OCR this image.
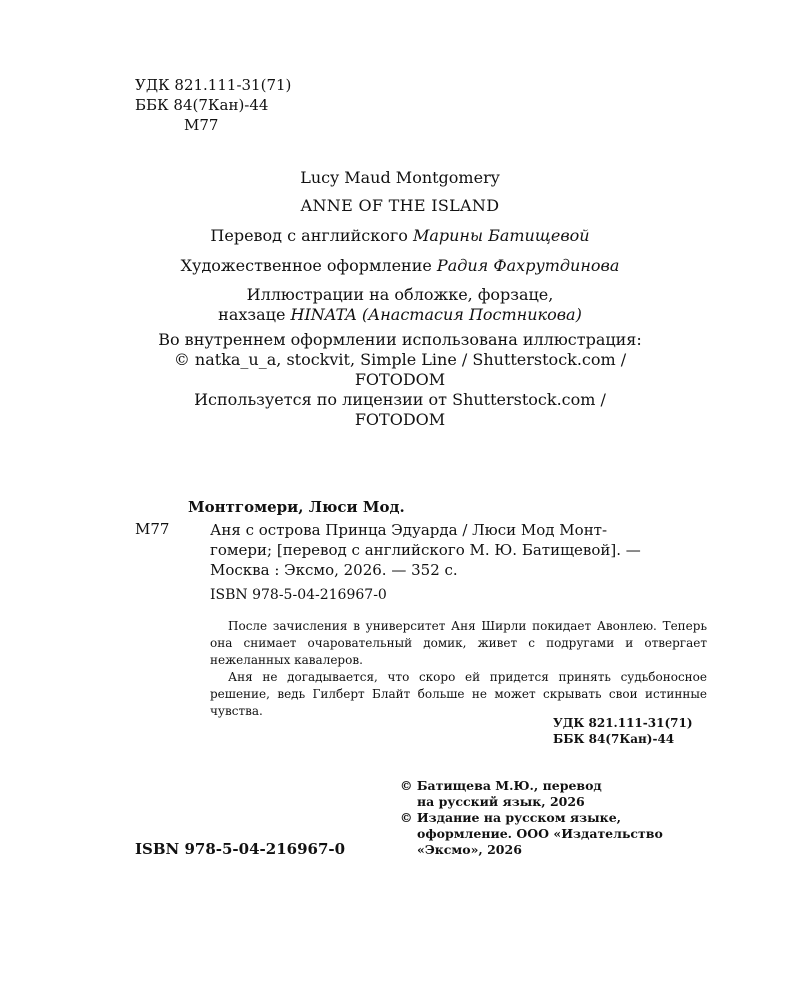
УДК 821.111-31(71)
ББК 84(7Кан)-44
М77
Lucy Maud Montgomery
ANNE OF THE ISLAND
Перевод с английского Марины Батищевой
Художественное оформление Радия Фахрутдинова
Иллюстрации на обложке, форзаце,
нахзаце HINATA (Анастасия Постникова)
Во внутреннем оформлении использована иллюстрация:
© natka_u_a, stockvit, Simple Line / Shutterstock.com /
FOTODOM
Используется по лицензии от Shutterstock.com /
FOTODOM
Монтгомери, Люси Мод.
М77	Аня с острова Принца Эдуарда / Люси Мод Монт-
гомери; [перевод с английского М. Ю. Батищевой]. —
Москва : Эксмо, 2026. — 352 с.
ISBN 978-5-04-216967-0

После зачисления в университет Аня Ширли покидает Авонлею. Теперь она снимает очаровательный домик, живет с подругами и отвергает нежеланных кавалеров.

Аня не догадывается, что скоро ей придется принять судьбоносное решение, ведь Гилберт Блайт больше не может скрывать свои истинные чувства.

УДК 821.111-31(71)
ББК 84(7Кан)-44
© Батищева М.Ю., перевод
на русский язык, 2026
© Издание на русском языке,
оформление. ООО «Издательство
«Эксмо», 2026
ISBN 978-5-04-216967-0
